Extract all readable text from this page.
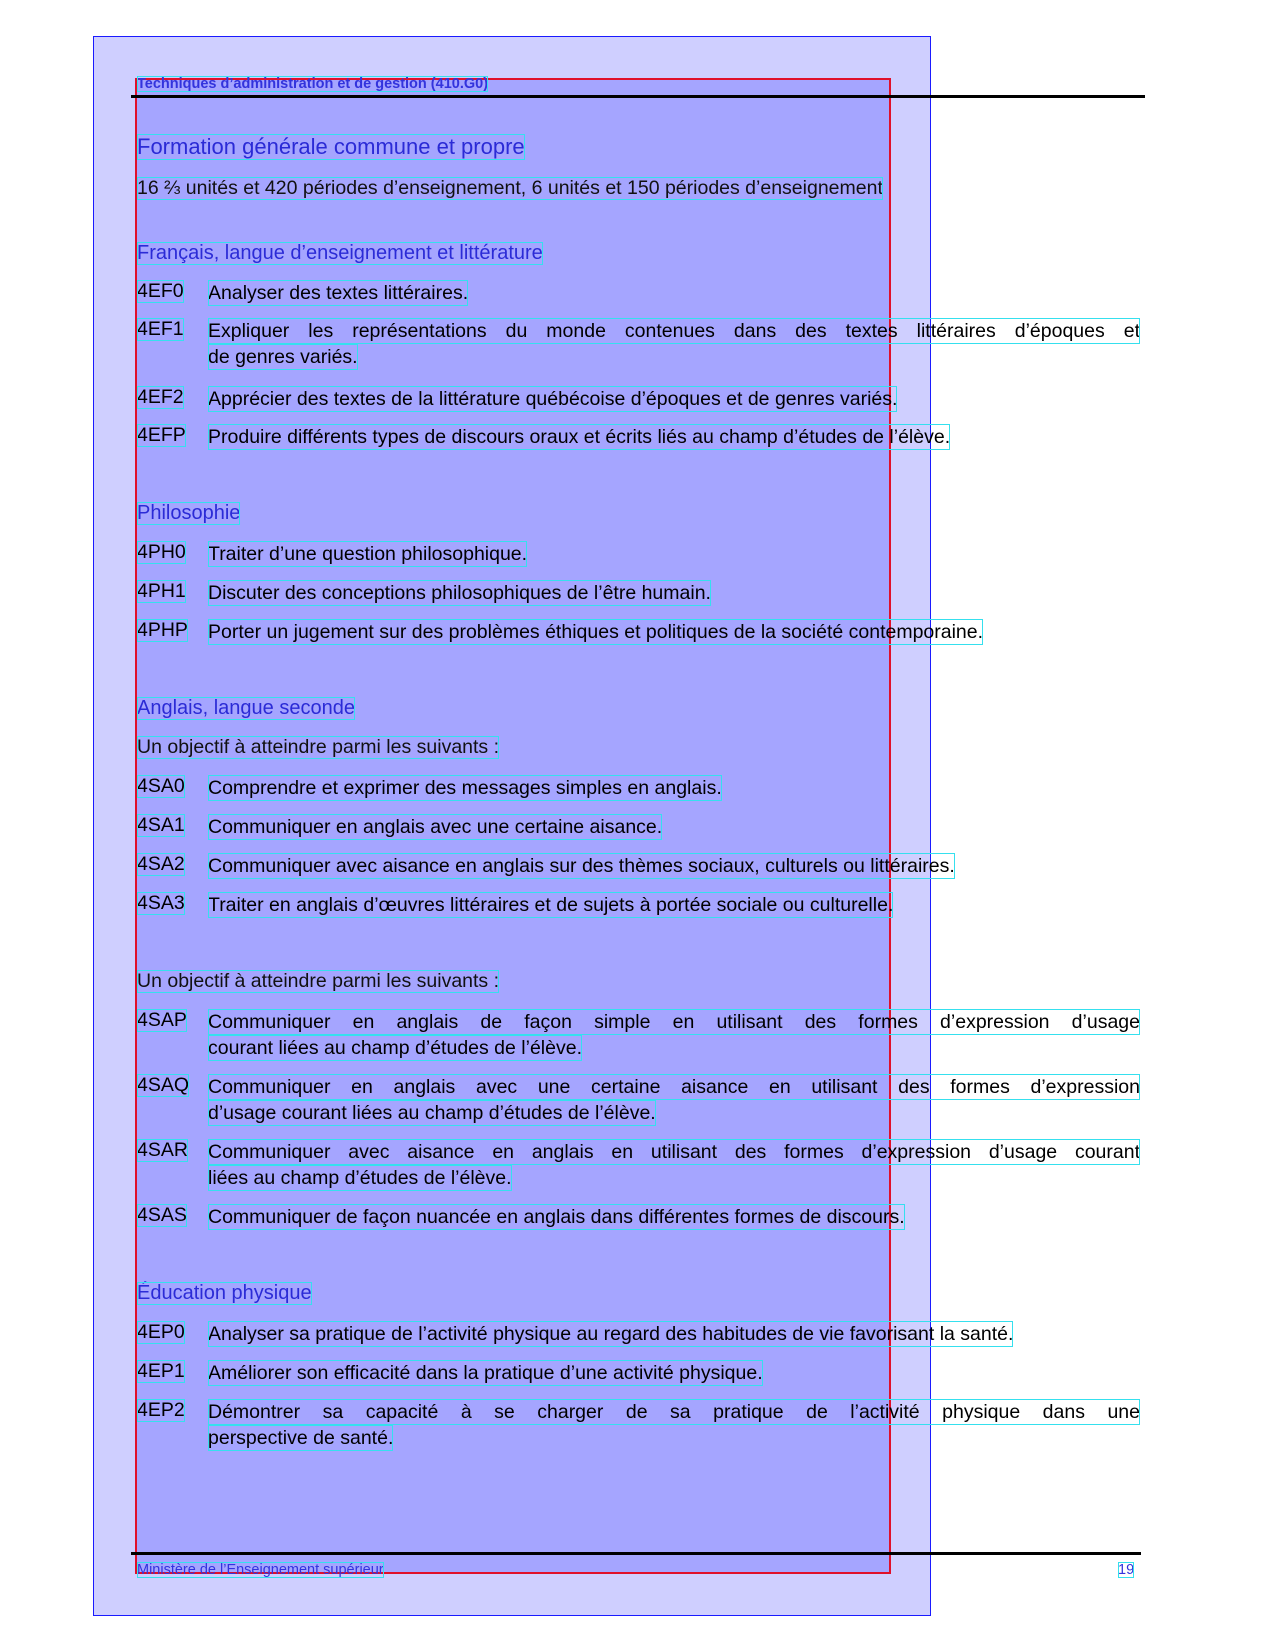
Techniques d’administration et de gestion (410.G0)
Formation générale commune et propre
16 ⅔ unités et 420 périodes d’enseignement, 6 unités et 150 périodes d’enseignement
Français, langue d’enseignement et littérature
4EF0 Analyser des textes littéraires.
4EF1 Expliquer les représentations du monde contenues dans des textes littéraires d’époques et
de genres variés.
4EF2 Apprécier des textes de la littérature québécoise d’époques et de genres variés.
4EFP Produire différents types de discours oraux et écrits liés au champ d’études de l’élève.
Philosophie
4PH0 Traiter d’une question philosophique.
4PH1 Discuter des conceptions philosophiques de l’être humain.
4PHP Porter un jugement sur des problèmes éthiques et politiques de la société contemporaine.
Anglais, langue seconde
Un objectif à atteindre parmi les suivants :
4SA0 Comprendre et exprimer des messages simples en anglais.
4SA1 Communiquer en anglais avec une certaine aisance.
4SA2 Communiquer avec aisance en anglais sur des thèmes sociaux, culturels ou littéraires.
4SA3 Traiter en anglais d’œuvres littéraires et de sujets à portée sociale ou culturelle.
Un objectif à atteindre parmi les suivants :
4SAP Communiquer en anglais de façon simple en utilisant des formes d’expression d’usage
courant liées au champ d’études de l’élève.
4SAQ Communiquer en anglais avec une certaine aisance en utilisant des formes d’expression
d’usage courant liées au champ d’études de l’élève.
4SAR Communiquer avec aisance en anglais en utilisant des formes d’expression d’usage courant
liées au champ d’études de l’élève.
4SAS Communiquer de façon nuancée en anglais dans différentes formes de discours.
Éducation physique
4EP0 Analyser sa pratique de l’activité physique au regard des habitudes de vie favorisant la santé.
4EP1 Améliorer son efficacité dans la pratique d’une activité physique.
4EP2 Démontrer sa capacité à se charger de sa pratique de l’activité physique dans une
perspective de santé.
Ministère de l’Enseignement supérieur	19
